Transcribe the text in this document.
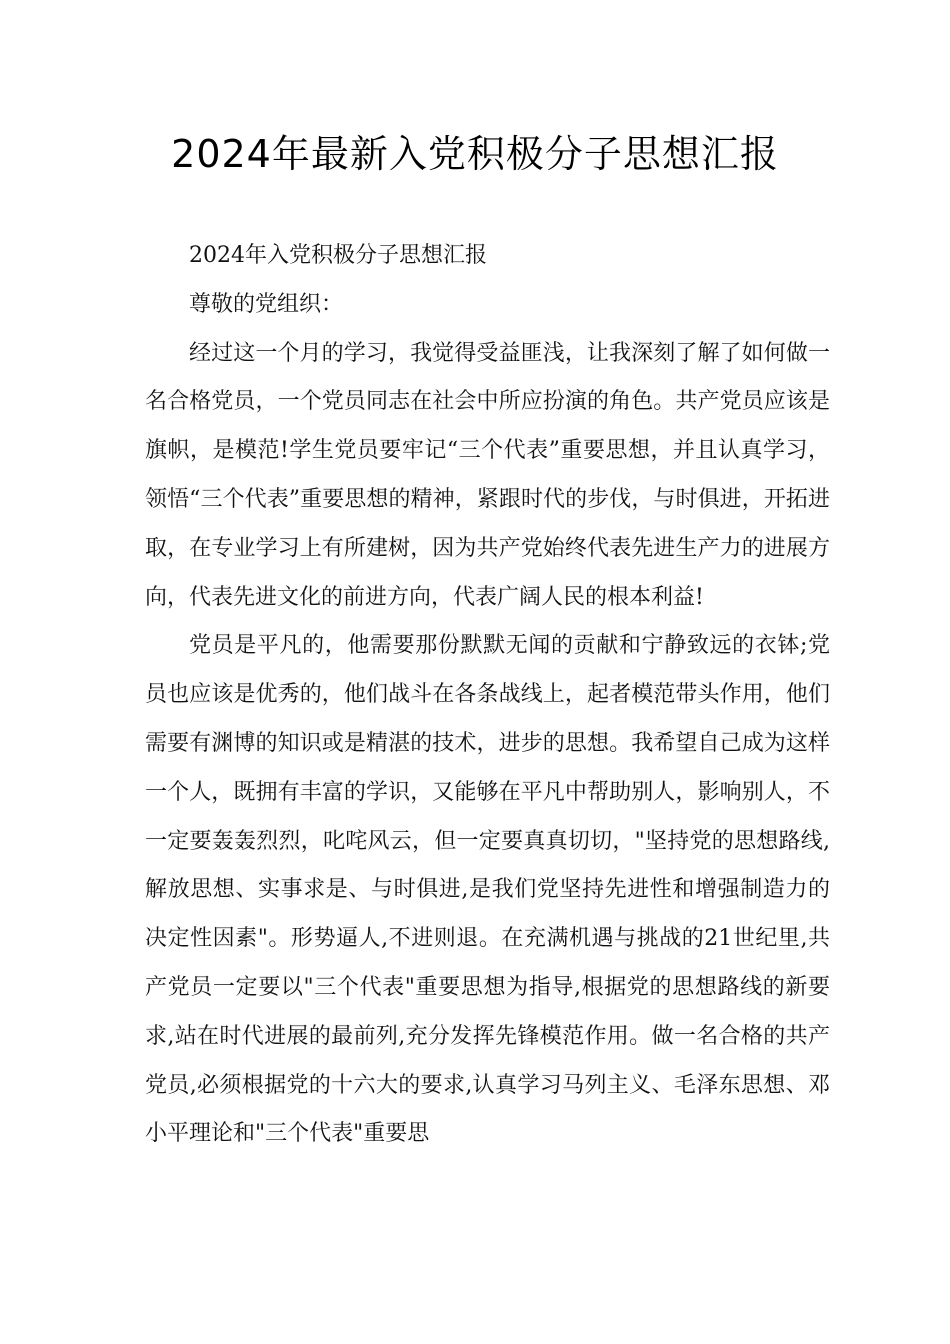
2024年最新入党积极分子思想汇报

2024年入党积极分子思想汇报

尊敬的党组织：

经过这一个月的学习，我觉得受益匪浅，让我深刻了解了如何做一名合格党员，一个党员同志在社会中所应扮演的角色。共产党员应该是旗帜，是模范!学生党员要牢记“三个代表”重要思想，并且认真学习，领悟“三个代表”重要思想的精神，紧跟时代的步伐，与时俱进，开拓进取，在专业学习上有所建树，因为共产党始终代表先进生产力的进展方向，代表先进文化的前进方向，代表广阔人民的根本利益!

党员是平凡的，他需要那份默默无闻的贡献和宁静致远的衣钵;党员也应该是优秀的，他们战斗在各条战线上，起者模范带头作用，他们需要有渊博的知识或是精湛的技术，进步的思想。我希望自己成为这样一个人，既拥有丰富的学识，又能够在平凡中帮助别人，影响别人，不一定要轰轰烈烈，叱咤风云，但一定要真真切切，"坚持党的思想路线,解放思想、实事求是、与时俱进,是我们党坚持先进性和增强制造力的决定性因素"。形势逼人,不进则退。在充满机遇与挑战的21世纪里,共产党员一定要以"三个代表"重要思想为指导,根据党的思想路线的新要求,站在时代进展的最前列,充分发挥先锋模范作用。做一名合格的共产党员,必须根据党的十六大的要求,认真学习马列主义、毛泽东思想、邓小平理论和"三个代表"重要思
